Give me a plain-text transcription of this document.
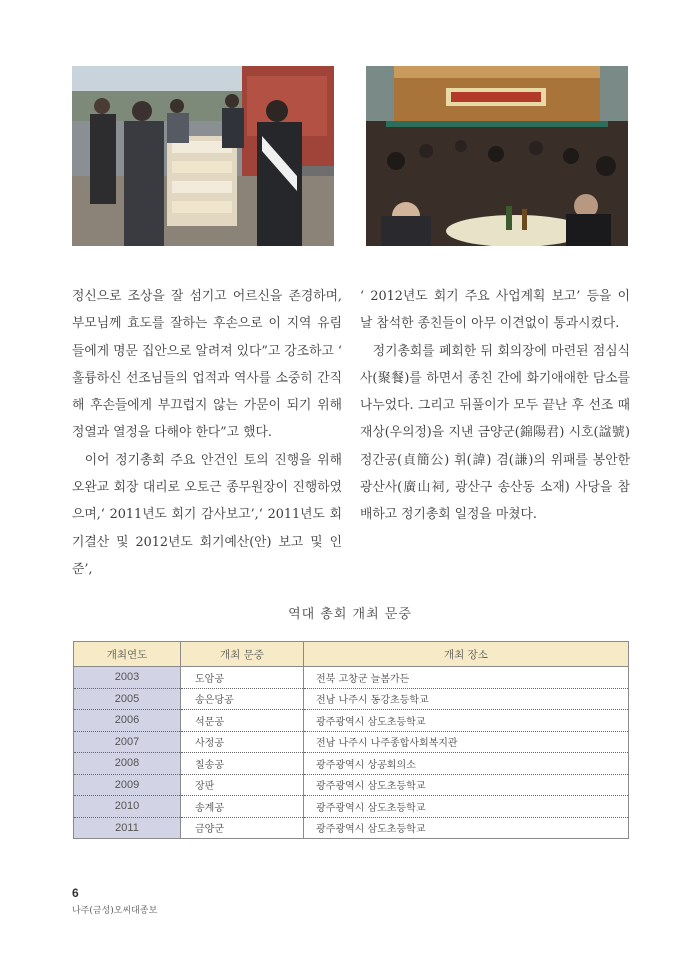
정신으로 조상을 잘 섬기고 어르신을 존경하며, 부모님께 효도를 잘하는 후손으로 이 지역 유림들에게 명문 집안으로 알려져 있다”고 강조하고 ‘ 훌륭하신 선조님들의 업적과 역사를 소중히 간직해 후손들에게 부끄럽지 않는 가문이 되기 위해 정열과 열정을 다해야 한다”고 했다.

이어 정기총회 주요 안건인 토의 진행을 위해 오완교 회장 대리로 오토근 종무원장이 진행하였으며,‘ 2011년도 회기 감사보고’,‘ 2011년도 회기결산 및 2012년도 회기예산(안) 보고 및 인준’,

‘ 2012년도 회기 주요 사업계획 보고’ 등을 이 날 참석한 종친들이 아무 이견없이 통과시켰다.

정기총회를 폐회한 뒤 회의장에 마련된 점심식사(聚餐)를 하면서 종친 간에 화기애애한 담소를 나누었다. 그리고 뒤풀이가 모두 끝난 후 선조 때 재상(우의정)을 지낸 금양군(錦陽君) 시호(諡號) 정간공(貞簡公) 휘(諱) 겸(謙)의 위패를 봉안한 광산사(廣山祠, 광산구 송산동 소재) 사당을 참배하고 정기총회 일정을 마쳤다.

역대 총회 개최 문중
개최연도	개최 문중	개최 장소
2003	도암공	전북 고창군 늘봄가든
2005	송은당공	전남 나주시 동강초등학교
2006	석문공	광주광역시 삼도초등학교
2007	사정공	전남 나주시 나주종합사회복지관
2008	칠송공	광주광역시 상공회의소
2009	장판	광주광역시 삼도초등학교
2010	송계공	광주광역시 삼도초등학교
2011	금양군	광주광역시 삼도초등학교
6
나주(금성)오씨대종보
